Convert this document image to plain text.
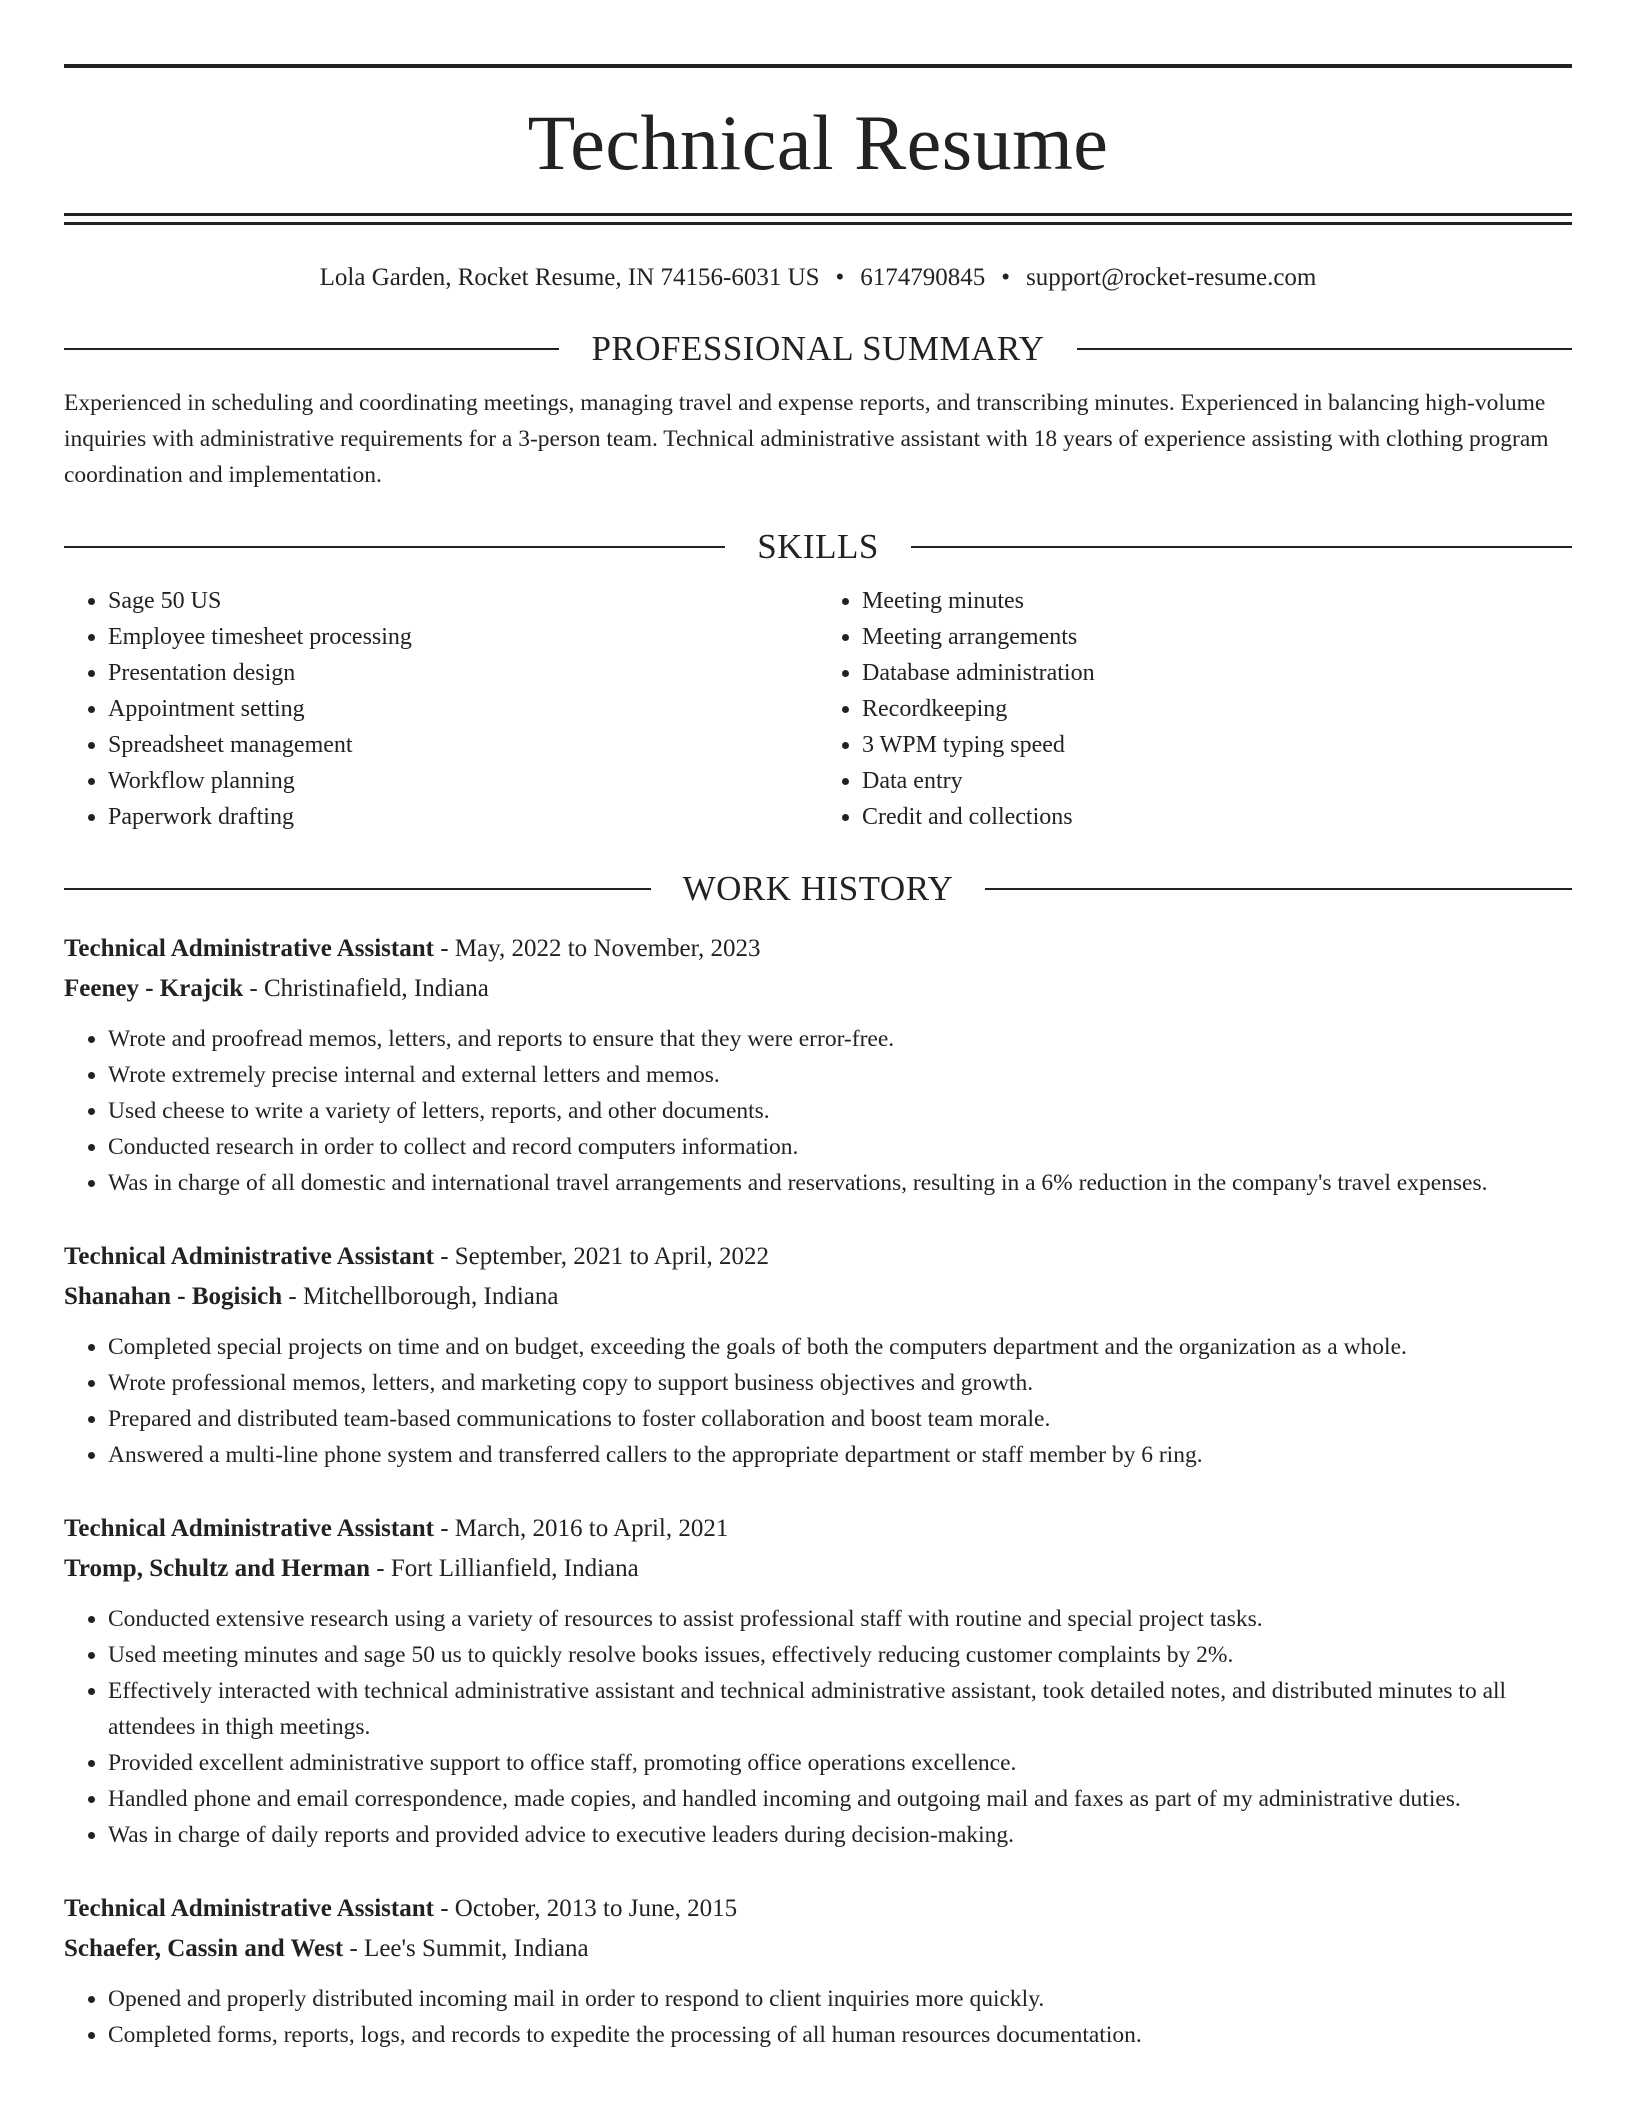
Technical Resume
Lola Garden, Rocket Resume, IN 74156-6031 US • 6174790845 • support@rocket-resume.com
PROFESSIONAL SUMMARY
Experienced in scheduling and coordinating meetings, managing travel and expense reports, and transcribing minutes. Experienced in balancing high-volume inquiries with administrative requirements for a 3-person team. Technical administrative assistant with 18 years of experience assisting with clothing program coordination and implementation.
SKILLS
• Sage 50 US
• Employee timesheet processing
• Presentation design
• Appointment setting
• Spreadsheet management
• Workflow planning
• Paperwork drafting
• Meeting minutes
• Meeting arrangements
• Database administration
• Recordkeeping
• 3 WPM typing speed
• Data entry
• Credit and collections
WORK HISTORY
Technical Administrative Assistant - May, 2022 to November, 2023
Feeney - Krajcik - Christinafield, Indiana
• Wrote and proofread memos, letters, and reports to ensure that they were error-free.
• Wrote extremely precise internal and external letters and memos.
• Used cheese to write a variety of letters, reports, and other documents.
• Conducted research in order to collect and record computers information.
• Was in charge of all domestic and international travel arrangements and reservations, resulting in a 6% reduction in the company's travel expenses.
Technical Administrative Assistant - September, 2021 to April, 2022
Shanahan - Bogisich - Mitchellborough, Indiana
• Completed special projects on time and on budget, exceeding the goals of both the computers department and the organization as a whole.
• Wrote professional memos, letters, and marketing copy to support business objectives and growth.
• Prepared and distributed team-based communications to foster collaboration and boost team morale.
• Answered a multi-line phone system and transferred callers to the appropriate department or staff member by 6 ring.
Technical Administrative Assistant - March, 2016 to April, 2021
Tromp, Schultz and Herman - Fort Lillianfield, Indiana
• Conducted extensive research using a variety of resources to assist professional staff with routine and special project tasks.
• Used meeting minutes and sage 50 us to quickly resolve books issues, effectively reducing customer complaints by 2%.
• Effectively interacted with technical administrative assistant and technical administrative assistant, took detailed notes, and distributed minutes to all attendees in thigh meetings.
• Provided excellent administrative support to office staff, promoting office operations excellence.
• Handled phone and email correspondence, made copies, and handled incoming and outgoing mail and faxes as part of my administrative duties.
• Was in charge of daily reports and provided advice to executive leaders during decision-making.
Technical Administrative Assistant - October, 2013 to June, 2015
Schaefer, Cassin and West - Lee's Summit, Indiana
• Opened and properly distributed incoming mail in order to respond to client inquiries more quickly.
• Completed forms, reports, logs, and records to expedite the processing of all human resources documentation.
